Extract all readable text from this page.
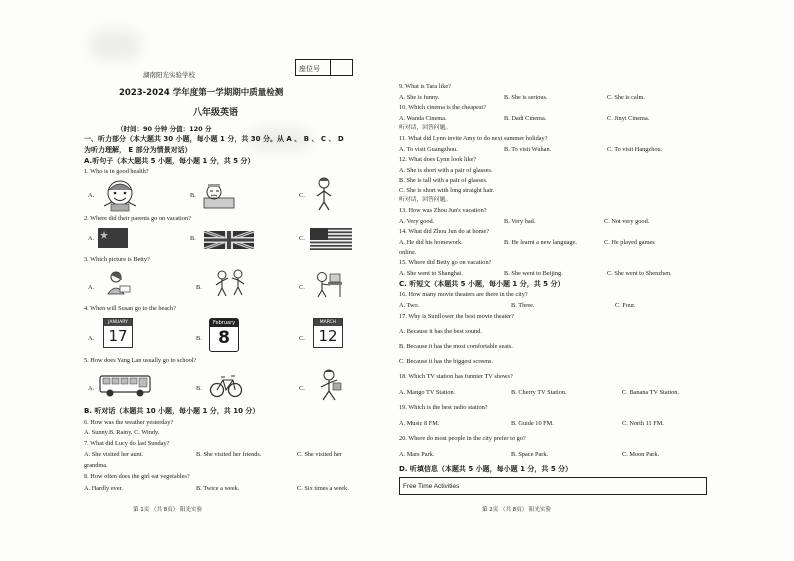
湖南阳光实验学校
座位号
2023-2024 学年度第一学期期中质量检测
八年级英语
（时间：90 分钟 分值：120 分
一、听力部分（本大题共 30 小题，每小题 1 分，共 30 分。从 A 、 B 、 C 、 D
为听力理解， E 部分为情景对话）
A.听句子（本大题共 5 小题，每小题 1 分，共 5 分）
1. Who is in good health?
A.	B.	C.
2. Where did their parents go on vacation?
A.	B.	C.
3. Which picture is Betty?
A.	B.	C.
4. When will Susan go to the beach?
A.
JANUARY
17	B.
February
8	C.
MARCH
12
5. How does Yang Lan usually go to school?
A.	B.	C.
B. 听对话（本题共 10 小题，每小题 1 分，共 10 分）
6. How was the weather yesterday?
A. Sunny.B. Rainy. C. Windy.
7. What did Lucy do last Sunday?
A. She visited her aunt.	B. She visited her friends.	C. She visited her
grandma.
8. How often does the girl eat vegetables?
A. Hardly ever.	B. Twice a week.	C. Six times a week.
第 1页 （共 8页） 阳光实验
9. What is Tara like?
A. She is funny.	B. She is serious.	C. She is calm.
10. Which cinema is the cheapest?
A. Wanda Cinema.	B. Dadi Cinema.	C. Jinyi Cinema.
听对话，回答问题。
11. What did Lynn invite Amy to do next summer holiday?
A. To visit Guangzhou.	B. To visit Wuhan.	C. To visit Hangzhou.
12. What does Lynn look like?
A. She is short with a pair of glasses.
B. She is tall with a pair of glasses.
C. She is short with long straight hair.
听对话，回答问题。
13. How was Zhou Jun's vacation?
A. Very good.	B. Very bad.	C. Not very good.
14. What did Zhou Jun do at home?
A. He did his homework.	B. He learnt a new language.	C. He played games
online.
15. Where did Betty go on vacation?
A. She went to Shanghai.	B. She went to Beijing.	C. She went to Shenzhen.
C. 听短文（本题共 5 小题，每小题 1 分，共 5 分）
16. How many movie theaters are there in the city?
A. Two.	B. Three.	C. Four.
17. Why is Sunflower the best movie theater?
A. Because it has the best sound.
B. Because it has the most comfortable seats.
C. Because it has the biggest screens.
18. Which TV station has funnier TV shows?
A. Mango TV Station.	B. Cherry TV Station.	C. Banana TV Station.
19. Which is the best radio station?
A. Music 8 FM.	B. Guide 10 FM.	C. North 11 FM.
20. Where do most people in the city prefer to go?
A. Mars Park.	B. Space Park.	C. Moon Park.
D. 听填信息（本题共 5 小题，每小题 1 分，共 5 分）
第 2页 （共 8页） 阳光实验
Free Time Activities
